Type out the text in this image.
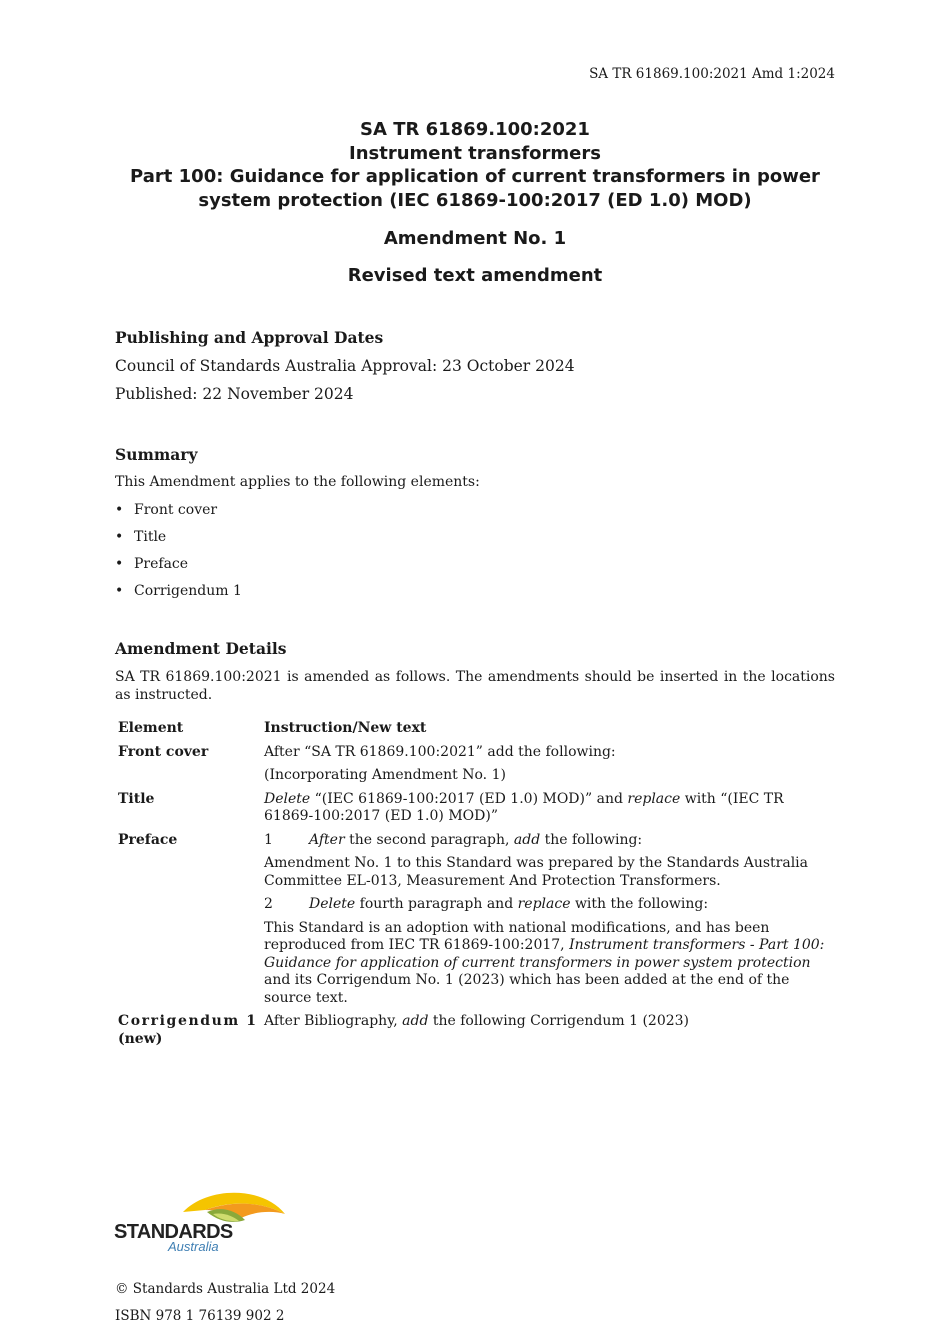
SA TR 61869.100:2021 Amd 1:2024
SA TR 61869.100:2021
Instrument transformers
Part 100: Guidance for application of current transformers in power
system protection (IEC 61869-100:2017 (ED 1.0) MOD)
Amendment No. 1
Revised text amendment
Publishing and Approval Dates
Council of Standards Australia Approval: 23 October 2024
Published: 22 November 2024
Summary
This Amendment applies to the following elements:
• Front cover
• Title
• Preface
• Corrigendum 1
Amendment Details
SA TR 61869.100:2021 is amended as follows. The amendments should be inserted in the locations as instructed.
Element	Instruction/New text
Front cover	After “SA TR 61869.100:2021” add the following:
	(Incorporating Amendment No. 1)
Title	Delete “(IEC 61869-100:2017 (ED 1.0) MOD)” and replace with “(IEC TR 61869-100:2017 (ED 1.0) MOD)”
Preface	1 After the second paragraph, add the following:

	Amendment No. 1 to this Standard was prepared by the Standards Australia Committee EL-013, Measurement And Protection Transformers.

	2 Delete fourth paragraph and replace with the following:

	This Standard is an adoption with national modifications, and has been reproduced from IEC TR 61869-100:2017, Instrument transformers - Part 100: Guidance for application of current transformers in power system protection and its Corrigendum No. 1 (2023) which has been added at the end of the source text.
Corrigendum 1
(new)	After Bibliography, add the following Corrigendum 1 (2023)
STANDARDS
Australia
© Standards Australia Ltd 2024
ISBN 978 1 76139 902 2
